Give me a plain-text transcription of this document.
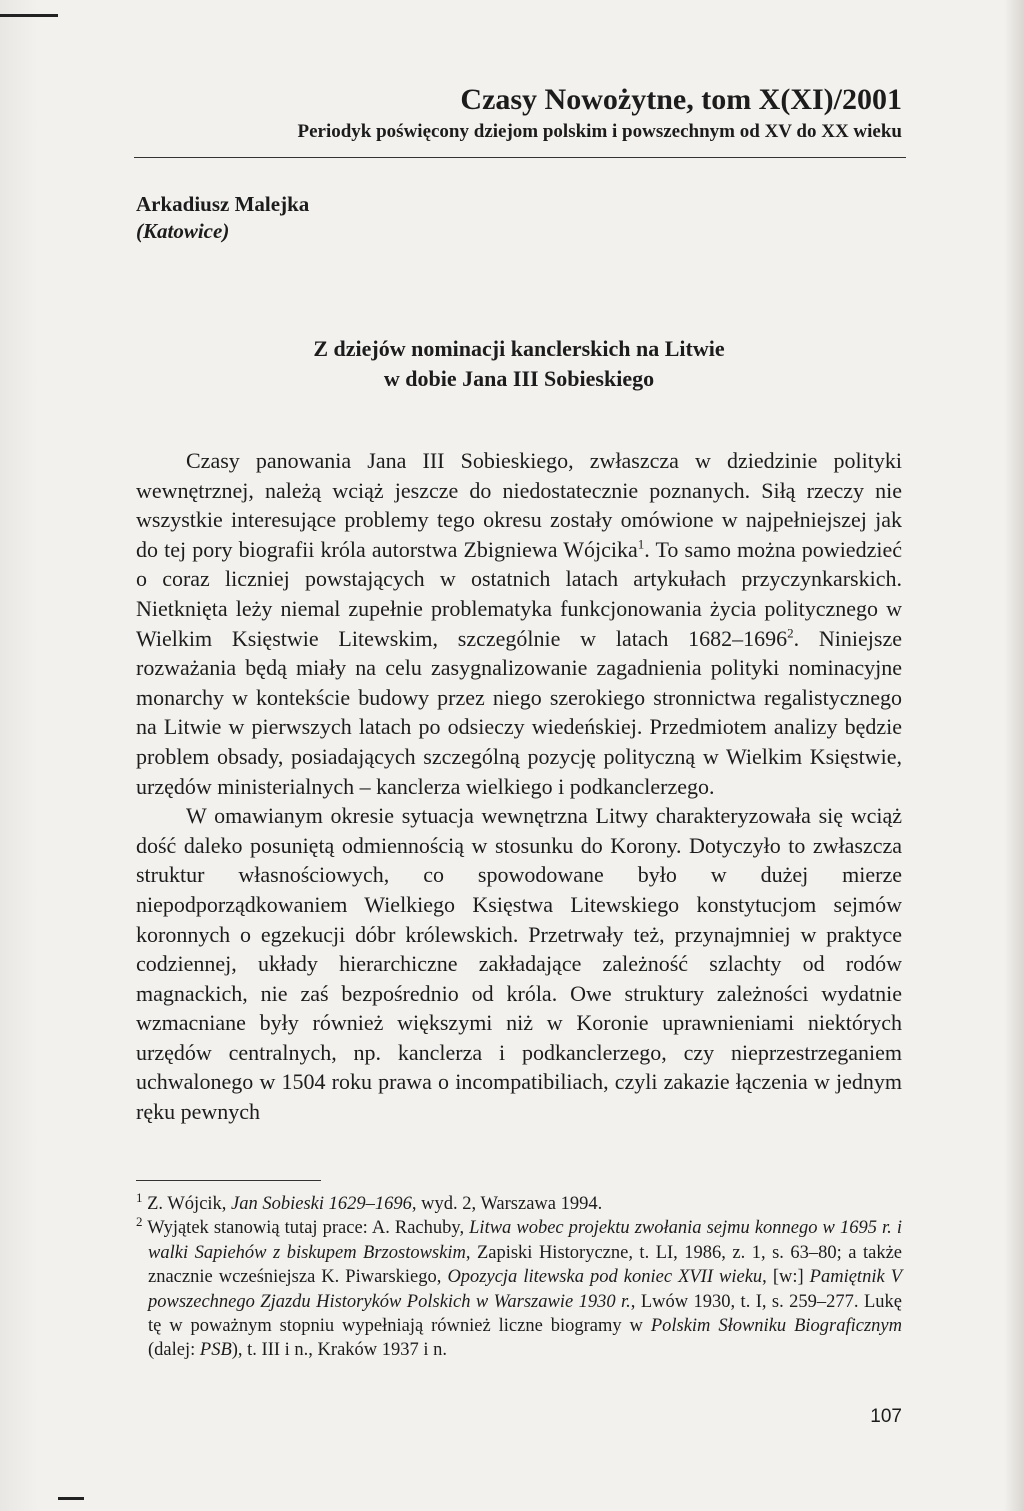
Czasy Nowożytne, tom X(XI)/2001
Periodyk poświęcony dziejom polskim i powszechnym od XV do XX wieku
Arkadiusz Malejka
(Katowice)
Z dziejów nominacji kanclerskich na Litwie
w dobie Jana III Sobieskiego

Czasy panowania Jana III Sobieskiego, zwłaszcza w dziedzinie polityki wewnętrznej, należą wciąż jeszcze do niedostatecznie poznanych. Siłą rzeczy nie wszystkie interesujące problemy tego okresu zostały omówione w najpełniejszej jak do tej pory biografii króla autorstwa Zbigniewa Wójcika$^1$. To samo można powiedzieć o coraz liczniej powstających w ostatnich latach artykułach przyczynkarskich. Nietknięta leży niemal zupełnie problematyka funkcjonowania życia politycznego w Wielkim Księstwie Litewskim, szczególnie w latach 1682–1696$^2$. Niniejsze rozważania będą miały na celu zasygnalizowanie zagadnienia polityki nominacyjne monarchy w kontekście budowy przez niego szerokiego stronnictwa regalistycznego na Litwie w pierwszych latach po odsieczy wiedeńskiej. Przedmiotem analizy będzie problem obsady, posiadających szczególną pozycję polityczną w Wielkim Księstwie, urzędów ministerialnych – kanclerza wielkiego i podkanclerzego.

W omawianym okresie sytuacja wewnętrzna Litwy charakteryzowała się wciąż dość daleko posuniętą odmiennością w stosunku do Korony. Dotyczyło to zwłaszcza struktur własnościowych, co spowodowane było w dużej mierze niepodporządkowaniem Wielkiego Księstwa Litewskiego konstytucjom sejmów koronnych o egzekucji dóbr królewskich. Przetrwały też, przynajmniej w praktyce codziennej, układy hierarchiczne zakładające zależność szlachty od rodów magnackich, nie zaś bezpośrednio od króla. Owe struktury zależności wydatnie wzmacniane były również większymi niż w Koronie uprawnieniami niektórych urzędów centralnych, np. kanclerza i podkanclerzego, czy nieprzestrzeganiem uchwalonego w 1504 roku prawa o incompatibiliach, czyli zakazie łączenia w jednym ręku pewnych

$^1$ Z. Wójcik, Jan Sobieski 1629–1696, wyd. 2, Warszawa 1994.

$^2$ Wyjątek stanowią tutaj prace: A. Rachuby, Litwa wobec projektu zwołania sejmu konnego w 1695 r. i walki Sapiehów z biskupem Brzostowskim, Zapiski Historyczne, t. LI, 1986, z. 1, s. 63–80; a także znacznie wcześniejsza K. Piwarskiego, Opozycja litewska pod koniec XVII wieku, [w:] Pamiętnik V powszechnego Zjazdu Historyków Polskich w Warszawie 1930 r., Lwów 1930, t. I, s. 259–277. Lukę tę w poważnym stopniu wypełniają również liczne biogramy w Polskim Słowniku Biograficznym (dalej: PSB), t. III i n., Kraków 1937 i n.

107
